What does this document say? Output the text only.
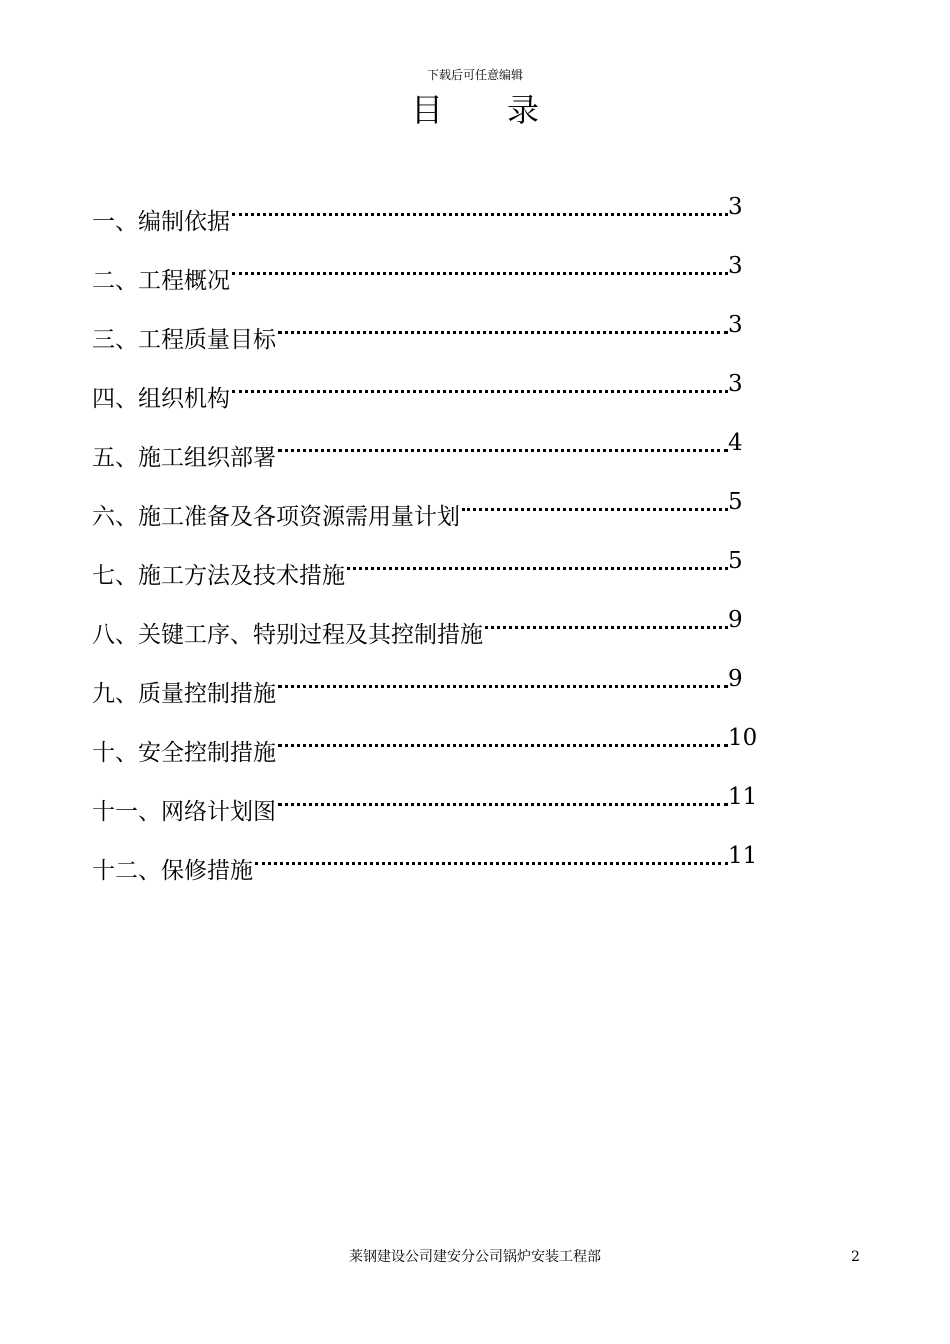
下载后可任意编辑
目 录
一、编制依据
3
二、工程概况
3
三、工程质量目标
3
四、组织机构
3
五、施工组织部署
4
六、施工准备及各项资源需用量计划
5
七、施工方法及技术措施
5
八、关键工序、特别过程及其控制措施
9
九、质量控制措施
9
十、安全控制措施
10
十一、网络计划图
11
十二、保修措施
11
莱钢建设公司建安分公司锅炉安装工程部	2
